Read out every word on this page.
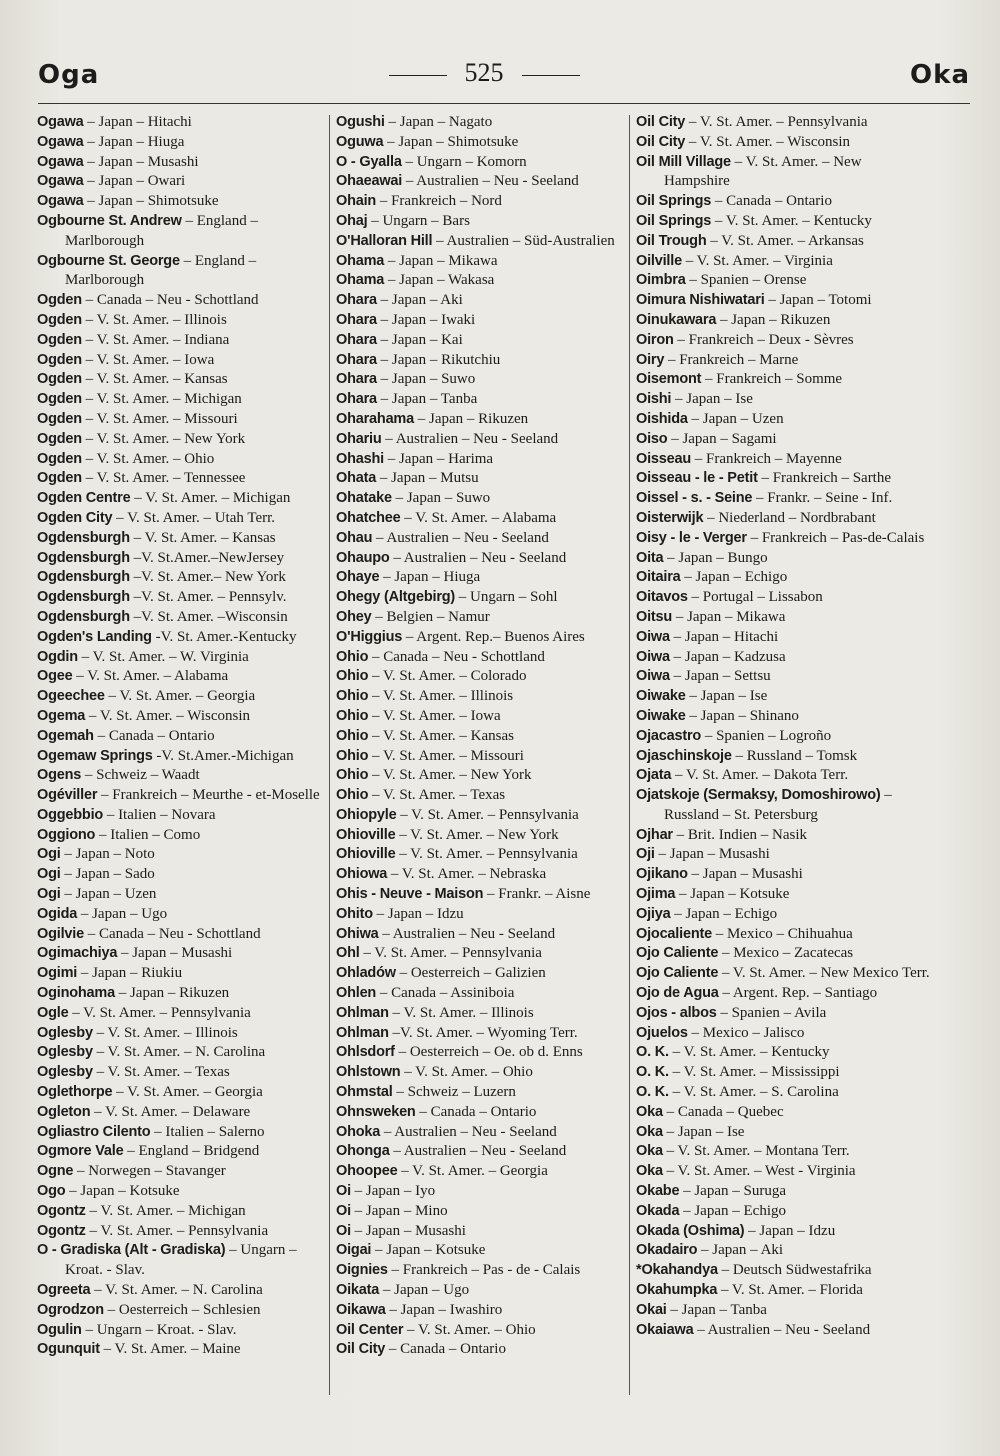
Oga	525	Oka
Ogawa – Japan – Hitachi
Ogawa – Japan – Hiuga
Ogawa – Japan – Musashi
Ogawa – Japan – Owari
Ogawa – Japan – Shimotsuke
Ogbourne St. Andrew – England – Marlborough
Ogbourne St. George – England – Marlborough
Ogden – Canada – Neu - Schottland
Ogden – V. St. Amer. – Illinois
Ogden – V. St. Amer. – Indiana
Ogden – V. St. Amer. – Iowa
Ogden – V. St. Amer. – Kansas
Ogden – V. St. Amer. – Michigan
Ogden – V. St. Amer. – Missouri
Ogden – V. St. Amer. – New York
Ogden – V. St. Amer. – Ohio
Ogden – V. St. Amer. – Tennessee
Ogden Centre – V. St. Amer. – Michigan
Ogden City – V. St. Amer. – Utah Terr.
Ogdensburgh – V. St. Amer. – Kansas
Ogdensburgh –V. St.Amer.–NewJersey
Ogdensburgh –V. St. Amer.– New York
Ogdensburgh –V. St. Amer. – Pennsylv.
Ogdensburgh –V. St. Amer. –Wisconsin
Ogden's Landing -V. St. Amer.-Kentucky
Ogdin – V. St. Amer. – W. Virginia
Ogee – V. St. Amer. – Alabama
Ogeechee – V. St. Amer. – Georgia
Ogema – V. St. Amer. – Wisconsin
Ogemah – Canada – Ontario
Ogemaw Springs -V. St.Amer.-Michigan
Ogens – Schweiz – Waadt
Ogéviller – Frankreich – Meurthe - et-Moselle
Oggebbio – Italien – Novara
Oggiono – Italien – Como
Ogi – Japan – Noto
Ogi – Japan – Sado
Ogi – Japan – Uzen
Ogida – Japan – Ugo
Ogilvie – Canada – Neu - Schottland
Ogimachiya – Japan – Musashi
Ogimi – Japan – Riukiu
Oginohama – Japan – Rikuzen
Ogle – V. St. Amer. – Pennsylvania
Oglesby – V. St. Amer. – Illinois
Oglesby – V. St. Amer. – N. Carolina
Oglesby – V. St. Amer. – Texas
Oglethorpe – V. St. Amer. – Georgia
Ogleton – V. St. Amer. – Delaware
Ogliastro Cilento – Italien – Salerno
Ogmore Vale – England – Bridgend
Ogne – Norwegen – Stavanger
Ogo – Japan – Kotsuke
Ogontz – V. St. Amer. – Michigan
Ogontz – V. St. Amer. – Pennsylvania
O - Gradiska (Alt - Gradiska) – Ungarn – Kroat. - Slav.
Ogreeta – V. St. Amer. – N. Carolina
Ogrodzon – Oesterreich – Schlesien
Ogulin – Ungarn – Kroat. - Slav.
Ogunquit – V. St. Amer. – Maine
Ogushi – Japan – Nagato
Oguwa – Japan – Shimotsuke
O - Gyalla – Ungarn – Komorn
Ohaeawai – Australien – Neu - Seeland
Ohain – Frankreich – Nord
Ohaj – Ungarn – Bars
O'Halloran Hill – Australien – Süd-Australien
Ohama – Japan – Mikawa
Ohama – Japan – Wakasa
Ohara – Japan – Aki
Ohara – Japan – Iwaki
Ohara – Japan – Kai
Ohara – Japan – Rikutchiu
Ohara – Japan – Suwo
Ohara – Japan – Tanba
Oharahama – Japan – Rikuzen
Ohariu – Australien – Neu - Seeland
Ohashi – Japan – Harima
Ohata – Japan – Mutsu
Ohatake – Japan – Suwo
Ohatchee – V. St. Amer. – Alabama
Ohau – Australien – Neu - Seeland
Ohaupo – Australien – Neu - Seeland
Ohaye – Japan – Hiuga
Ohegy (Altgebirg) – Ungarn – Sohl
Ohey – Belgien – Namur
O'Higgius – Argent. Rep.– Buenos Aires
Ohio – Canada – Neu - Schottland
Ohio – V. St. Amer. – Colorado
Ohio – V. St. Amer. – Illinois
Ohio – V. St. Amer. – Iowa
Ohio – V. St. Amer. – Kansas
Ohio – V. St. Amer. – Missouri
Ohio – V. St. Amer. – New York
Ohio – V. St. Amer. – Texas
Ohiopyle – V. St. Amer. – Pennsylvania
Ohioville – V. St. Amer. – New York
Ohioville – V. St. Amer. – Pennsylvania
Ohiowa – V. St. Amer. – Nebraska
Ohis - Neuve - Maison – Frankr. – Aisne
Ohito – Japan – Idzu
Ohiwa – Australien – Neu - Seeland
Ohl – V. St. Amer. – Pennsylvania
Ohladów – Oesterreich – Galizien
Ohlen – Canada – Assiniboia
Ohlman – V. St. Amer. – Illinois
Ohlman –V. St. Amer. – Wyoming Terr.
Ohlsdorf – Oesterreich – Oe. ob d. Enns
Ohlstown – V. St. Amer. – Ohio
Ohmstal – Schweiz – Luzern
Ohnsweken – Canada – Ontario
Ohoka – Australien – Neu - Seeland
Ohonga – Australien – Neu - Seeland
Ohoopee – V. St. Amer. – Georgia
Oi – Japan – Iyo
Oi – Japan – Mino
Oi – Japan – Musashi
Oigai – Japan – Kotsuke
Oignies – Frankreich – Pas - de - Calais
Oikata – Japan – Ugo
Oikawa – Japan – Iwashiro
Oil Center – V. St. Amer. – Ohio
Oil City – Canada – Ontario
Oil City – V. St. Amer. – Pennsylvania
Oil City – V. St. Amer. – Wisconsin
Oil Mill Village – V. St. Amer. – New Hampshire
Oil Springs – Canada – Ontario
Oil Springs – V. St. Amer. – Kentucky
Oil Trough – V. St. Amer. – Arkansas
Oilville – V. St. Amer. – Virginia
Oimbra – Spanien – Orense
Oimura Nishiwatari – Japan – Totomi
Oinukawara – Japan – Rikuzen
Oiron – Frankreich – Deux - Sèvres
Oiry – Frankreich – Marne
Oisemont – Frankreich – Somme
Oishi – Japan – Ise
Oishida – Japan – Uzen
Oiso – Japan – Sagami
Oisseau – Frankreich – Mayenne
Oisseau - le - Petit – Frankreich – Sarthe
Oissel - s. - Seine – Frankr. – Seine - Inf.
Oisterwijk – Niederland – Nordbrabant
Oisy - le - Verger – Frankreich – Pas-de-Calais
Oita – Japan – Bungo
Oitaira – Japan – Echigo
Oitavos – Portugal – Lissabon
Oitsu – Japan – Mikawa
Oiwa – Japan – Hitachi
Oiwa – Japan – Kadzusa
Oiwa – Japan – Settsu
Oiwake – Japan – Ise
Oiwake – Japan – Shinano
Ojacastro – Spanien – Logroño
Ojaschinskoje – Russland – Tomsk
Ojata – V. St. Amer. – Dakota Terr.
Ojatskoje (Sermaksy, Domoshirowo) – Russland – St. Petersburg
Ojhar – Brit. Indien – Nasik
Oji – Japan – Musashi
Ojikano – Japan – Musashi
Ojima – Japan – Kotsuke
Ojiya – Japan – Echigo
Ojocaliente – Mexico – Chihuahua
Ojo Caliente – Mexico – Zacatecas
Ojo Caliente – V. St. Amer. – New Mexico Terr.
Ojo de Agua – Argent. Rep. – Santiago
Ojos - albos – Spanien – Avila
Ojuelos – Mexico – Jalisco
O. K. – V. St. Amer. – Kentucky
O. K. – V. St. Amer. – Mississippi
O. K. – V. St. Amer. – S. Carolina
Oka – Canada – Quebec
Oka – Japan – Ise
Oka – V. St. Amer. – Montana Terr.
Oka – V. St. Amer. – West - Virginia
Okabe – Japan – Suruga
Okada – Japan – Echigo
Okada (Oshima) – Japan – Idzu
Okadairo – Japan – Aki
*Okahandya – Deutsch Südwestafrika
Okahumpka – V. St. Amer. – Florida
Okai – Japan – Tanba
Okaiawa – Australien – Neu - Seeland
